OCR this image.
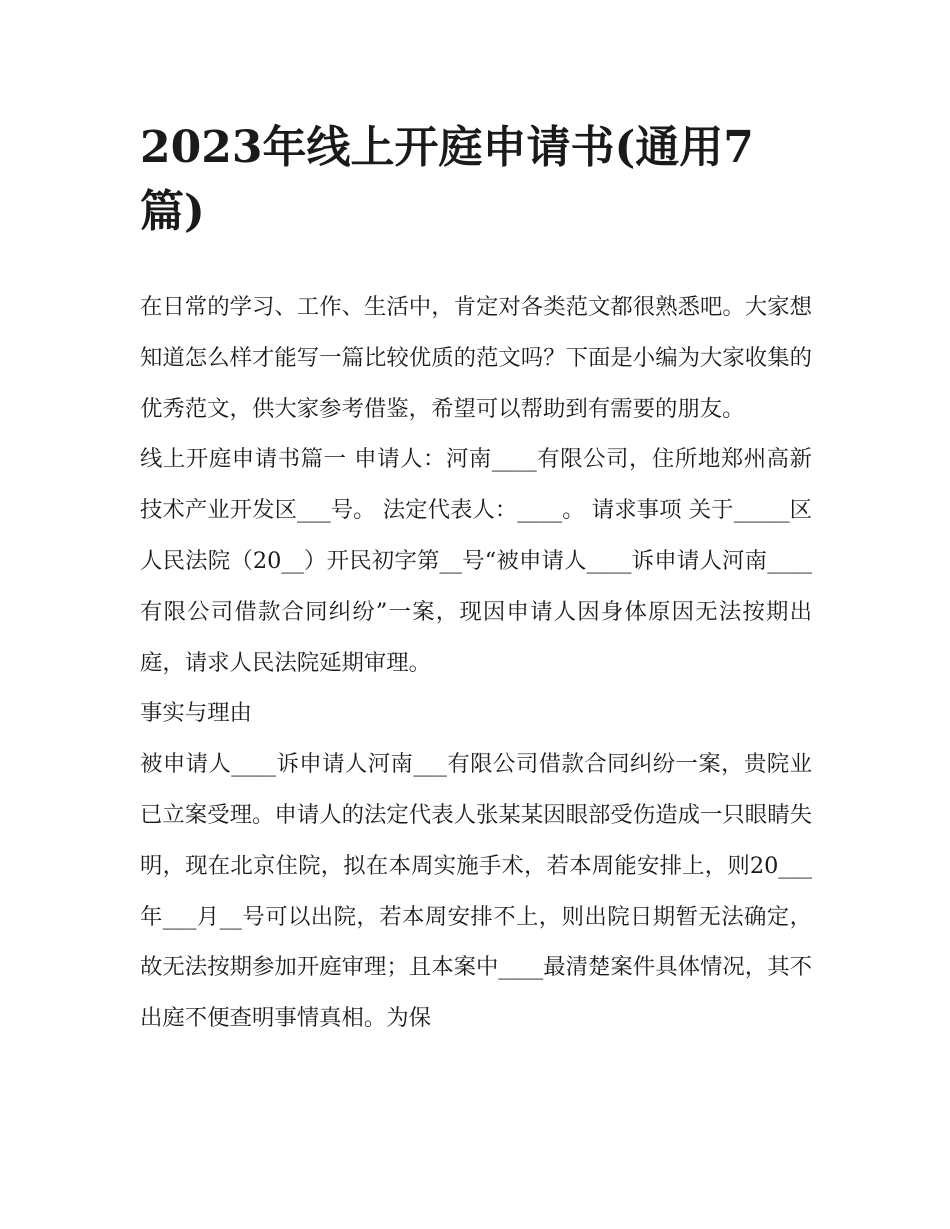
2023年线上开庭申请书(通用7篇)

在日常的学习、工作、生活中，肯定对各类范文都很熟悉吧。大家想知道怎么样才能写一篇比较优质的范文吗？下面是小编为大家收集的优秀范文，供大家参考借鉴，希望可以帮助到有需要的朋友。

线上开庭申请书篇一 申请人：河南____有限公司，住所地郑州高新技术产业开发区___号。 法定代表人：____。 请求事项 关于_____区人民法院（20__）开民初字第__号“被申请人____诉申请人河南____有限公司借款合同纠纷”一案，现因申请人因身体原因无法按期出庭，请求人民法院延期审理。

事实与理由

被申请人____诉申请人河南___有限公司借款合同纠纷一案，贵院业已立案受理。申请人的法定代表人张某某因眼部受伤造成一只眼睛失明，现在北京住院，拟在本周实施手术，若本周能安排上，则20___年___月__号可以出院，若本周安排不上，则出院日期暂无法确定，故无法按期参加开庭审理；且本案中____最清楚案件具体情况，其不出庭不便查明事情真相。为保
